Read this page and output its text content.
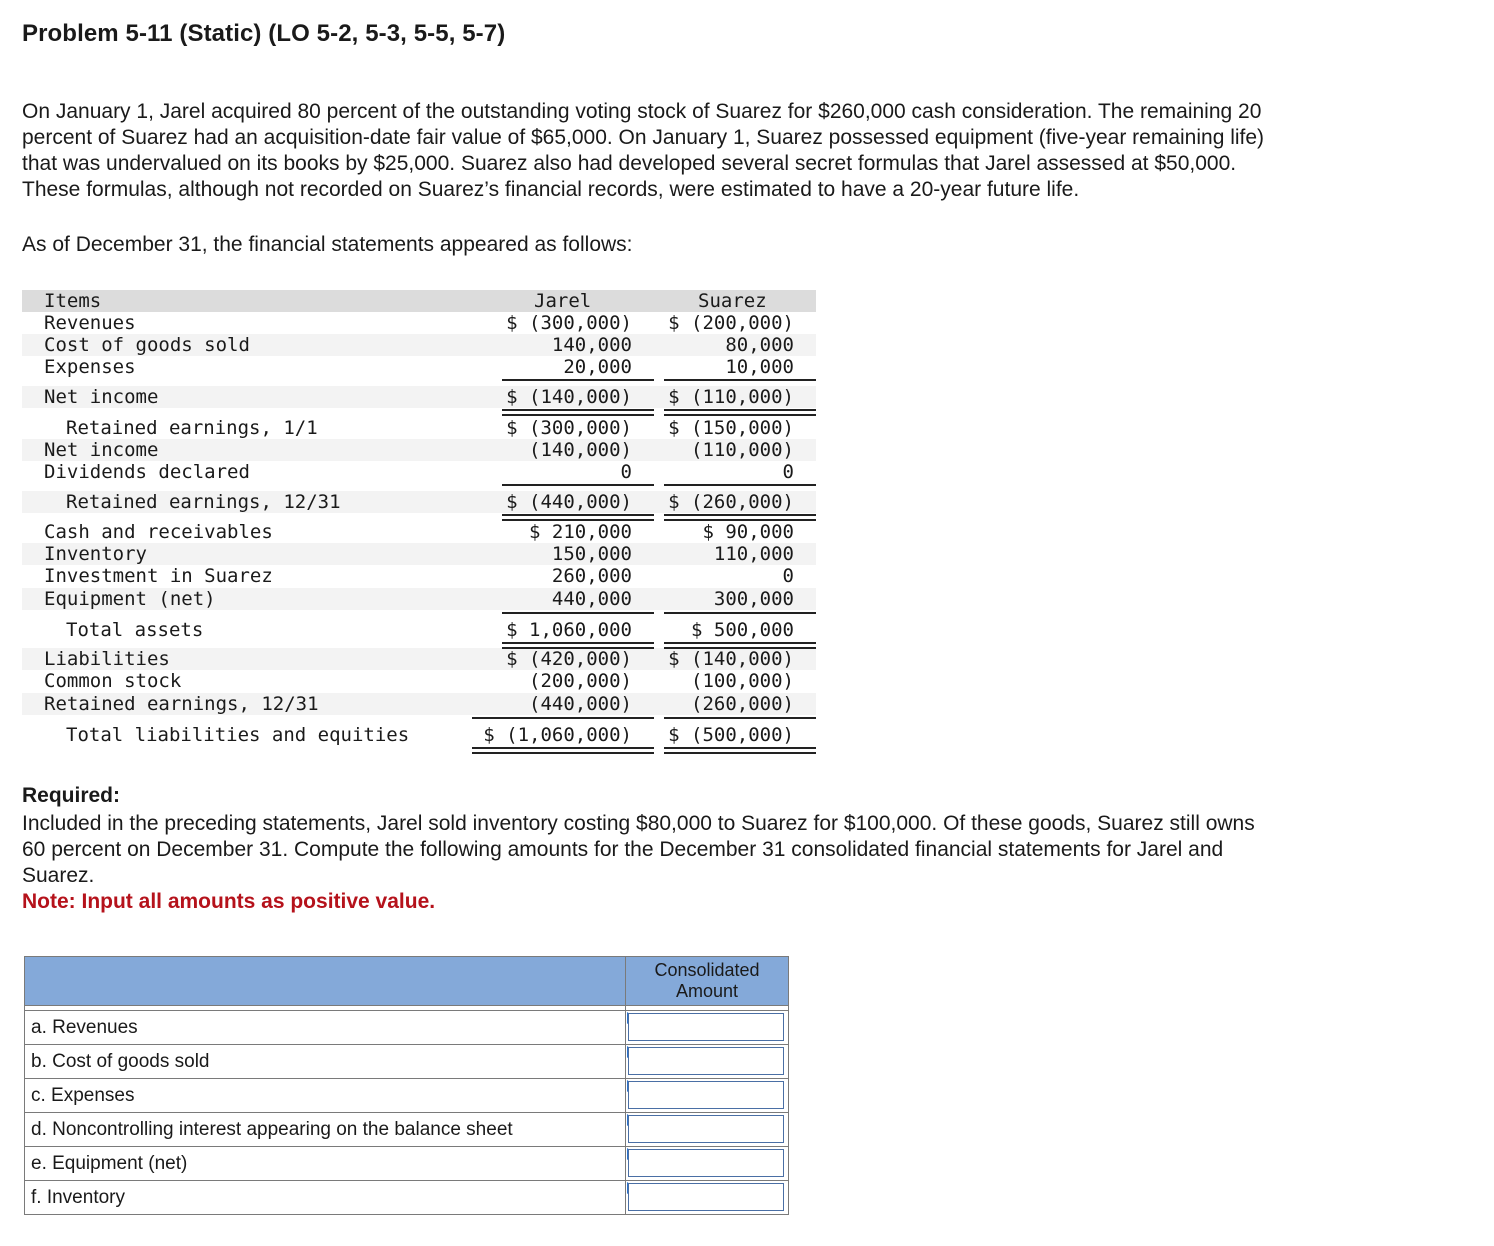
Problem 5-11 (Static) (LO 5-2, 5-3, 5-5, 5-7)
On January 1, Jarel acquired 80 percent of the outstanding voting stock of Suarez for $260,000 cash consideration. The remaining 20
percent of Suarez had an acquisition-date fair value of $65,000. On January 1, Suarez possessed equipment (five-year remaining life)
that was undervalued on its books by $25,000. Suarez also had developed several secret formulas that Jarel assessed at $50,000.
These formulas, although not recorded on Suarez’s financial records, were estimated to have a 20-year future life.
As of December 31, the financial statements appeared as follows:
Items	Jarel	Suarez
Revenues	$ (300,000) $ (200,000)
Cost of goods sold	140,000	80,000
Expenses	20,000	10,000
Net income	$ (140,000) $ (110,000)
Retained earnings, 1/1	$ (300,000) $ (150,000)
Net income	(140,000)	(110,000)
Dividends declared	0	0
Retained earnings, 12/31	$ (440,000) $ (260,000)
Cash and receivables	$ 210,000	$ 90,000
Inventory	150,000	110,000
Investment in Suarez	260,000	0
Equipment (net)	440,000	300,000
Total assets	$ 1,060,000	$ 500,000
Liabilities	$ (420,000) $ (140,000)
Common stock	(200,000)	(100,000)
Retained earnings, 12/31	(440,000)	(260,000)
Total liabilities and equities	$ (1,060,000) $ (500,000)
Required:
Included in the preceding statements, Jarel sold inventory costing $80,000 to Suarez for $100,000. Of these goods, Suarez still owns
60 percent on December 31. Compute the following amounts for the December 31 consolidated financial statements for Jarel and
Suarez.
Note: Input all amounts as positive value.

	Consolidated
Amount

a. Revenues	

b. Cost of goods sold	

c. Expenses	

d. Noncontrolling interest appearing on the balance sheet	

e. Equipment (net)	

f. Inventory	
